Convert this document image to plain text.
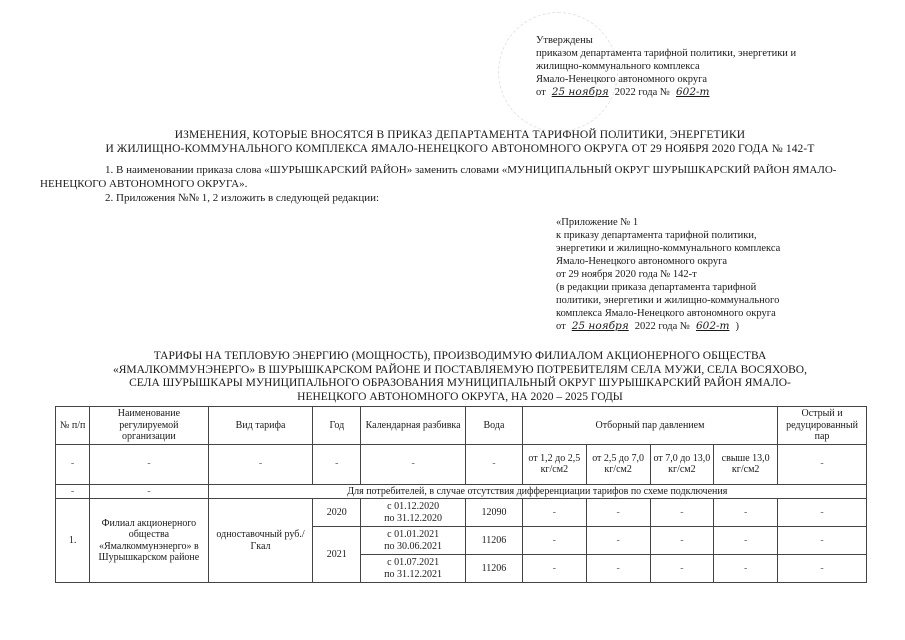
Утверждены
приказом департамента тарифной политики, энергетики и
жилищно-коммунального комплекса
Ямало-Ненецкого автономного округа
от 25 ноября 2022 года № 602-т
ИЗМЕНЕНИЯ, КОТОРЫЕ ВНОСЯТСЯ В ПРИКАЗ ДЕПАРТАМЕНТА ТАРИФНОЙ ПОЛИТИКИ, ЭНЕРГЕТИКИ
И ЖИЛИЩНО-КОММУНАЛЬНОГО КОМПЛЕКСА ЯМАЛО-НЕНЕЦКОГО АВТОНОМНОГО ОКРУГА ОТ 29 НОЯБРЯ 2020 ГОДА № 142-Т
1. В наименовании приказа слова «ШУРЫШКАРСКИЙ РАЙОН» заменить словами «МУНИЦИПАЛЬНЫЙ ОКРУГ ШУРЫШКАРСКИЙ РАЙОН ЯМАЛО-НЕНЕЦКОГО АВТОНОМНОГО ОКРУГА».
2. Приложения №№ 1, 2 изложить в следующей редакции:
«Приложение № 1
к приказу департамента тарифной политики,
энергетики и жилищно-коммунального комплекса
Ямало-Ненецкого автономного округа
от 29 ноября 2020 года № 142-т
(в редакции приказа департамента тарифной
политики, энергетики и жилищно-коммунального
комплекса Ямало-Ненецкого автономного округа
от 25 ноября 2022 года № 602-т )
ТАРИФЫ НА ТЕПЛОВУЮ ЭНЕРГИЮ (МОЩНОСТЬ), ПРОИЗВОДИМУЮ ФИЛИАЛОМ АКЦИОНЕРНОГО ОБЩЕСТВА
«ЯМАЛКОММУНЭНЕРГО» В ШУРЫШКАРСКОМ РАЙОНЕ И ПОСТАВЛЯЕМУЮ ПОТРЕБИТЕЛЯМ СЕЛА МУЖИ, СЕЛА ВОСЯХОВО,
СЕЛА ШУРЫШКАРЫ МУНИЦИПАЛЬНОГО ОБРАЗОВАНИЯ МУНИЦИПАЛЬНЫЙ ОКРУГ ШУРЫШКАРСКИЙ РАЙОН ЯМАЛО-
НЕНЕЦКОГО АВТОНОМНОГО ОКРУГА, НА 2020 – 2025 ГОДЫ
№ п/п	Наименование регулируемой организации	Вид тарифа	Год	Календарная разбивка	Вода	Отборный пар давлением				Острый и редуцированный пар
-	-	-	-	-	-	от 1,2 до 2,5 кг/см2	от 2,5 до 7,0 кг/см2	от 7,0 до 13,0 кг/см2	свыше 13,0 кг/см2	-
-	-	Для потребителей, в случае отсутствия дифференциации тарифов по схеме подключения								
1.	Филиал акционерного общества «Ямалкоммунэнерго» в Шурышкарском районе	одноставочный руб./Гкал	2020	с 01.12.2020
по 31.12.2020	12090	-	-	-	-	-
			2021	с 01.01.2021
по 30.06.2021	11206	-	-	-	-	-

				с 01.07.2021
по 31.12.2021	11206	-	-	-	-	-
